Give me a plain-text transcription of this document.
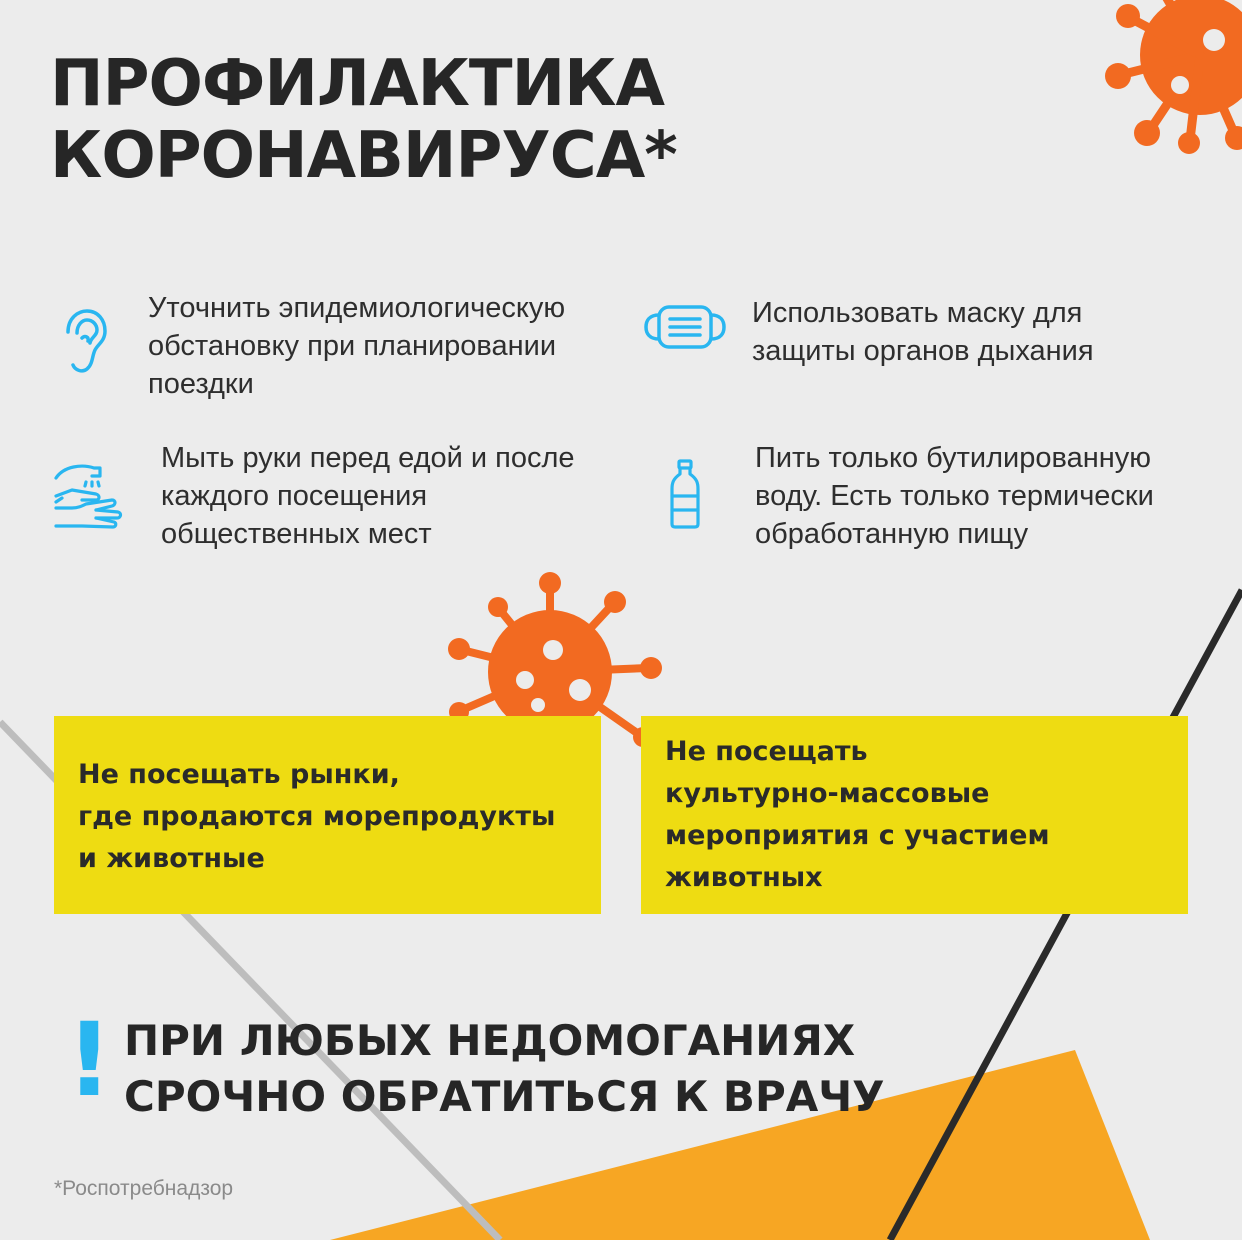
ПРОФИЛАКТИКА
КОРОНАВИРУСА*
Уточнить эпидемиологическую
обстановку при планировании
поездки
Использовать маску для
защиты органов дыхания
Мыть руки перед едой и после
каждого посещения
общественных мест
Пить только бутилированную
воду. Есть только термически
обработанную пищу
Не посещать рынки,
где продаются морепродукты
и животные
Не посещать
культурно-массовые
мероприятия с участием
животных
! ПРИ ЛЮБЫХ НЕДОМОГАНИЯХ
СРОЧНО ОБРАТИТЬСЯ К ВРАЧУ
*Роспотребнадзор
